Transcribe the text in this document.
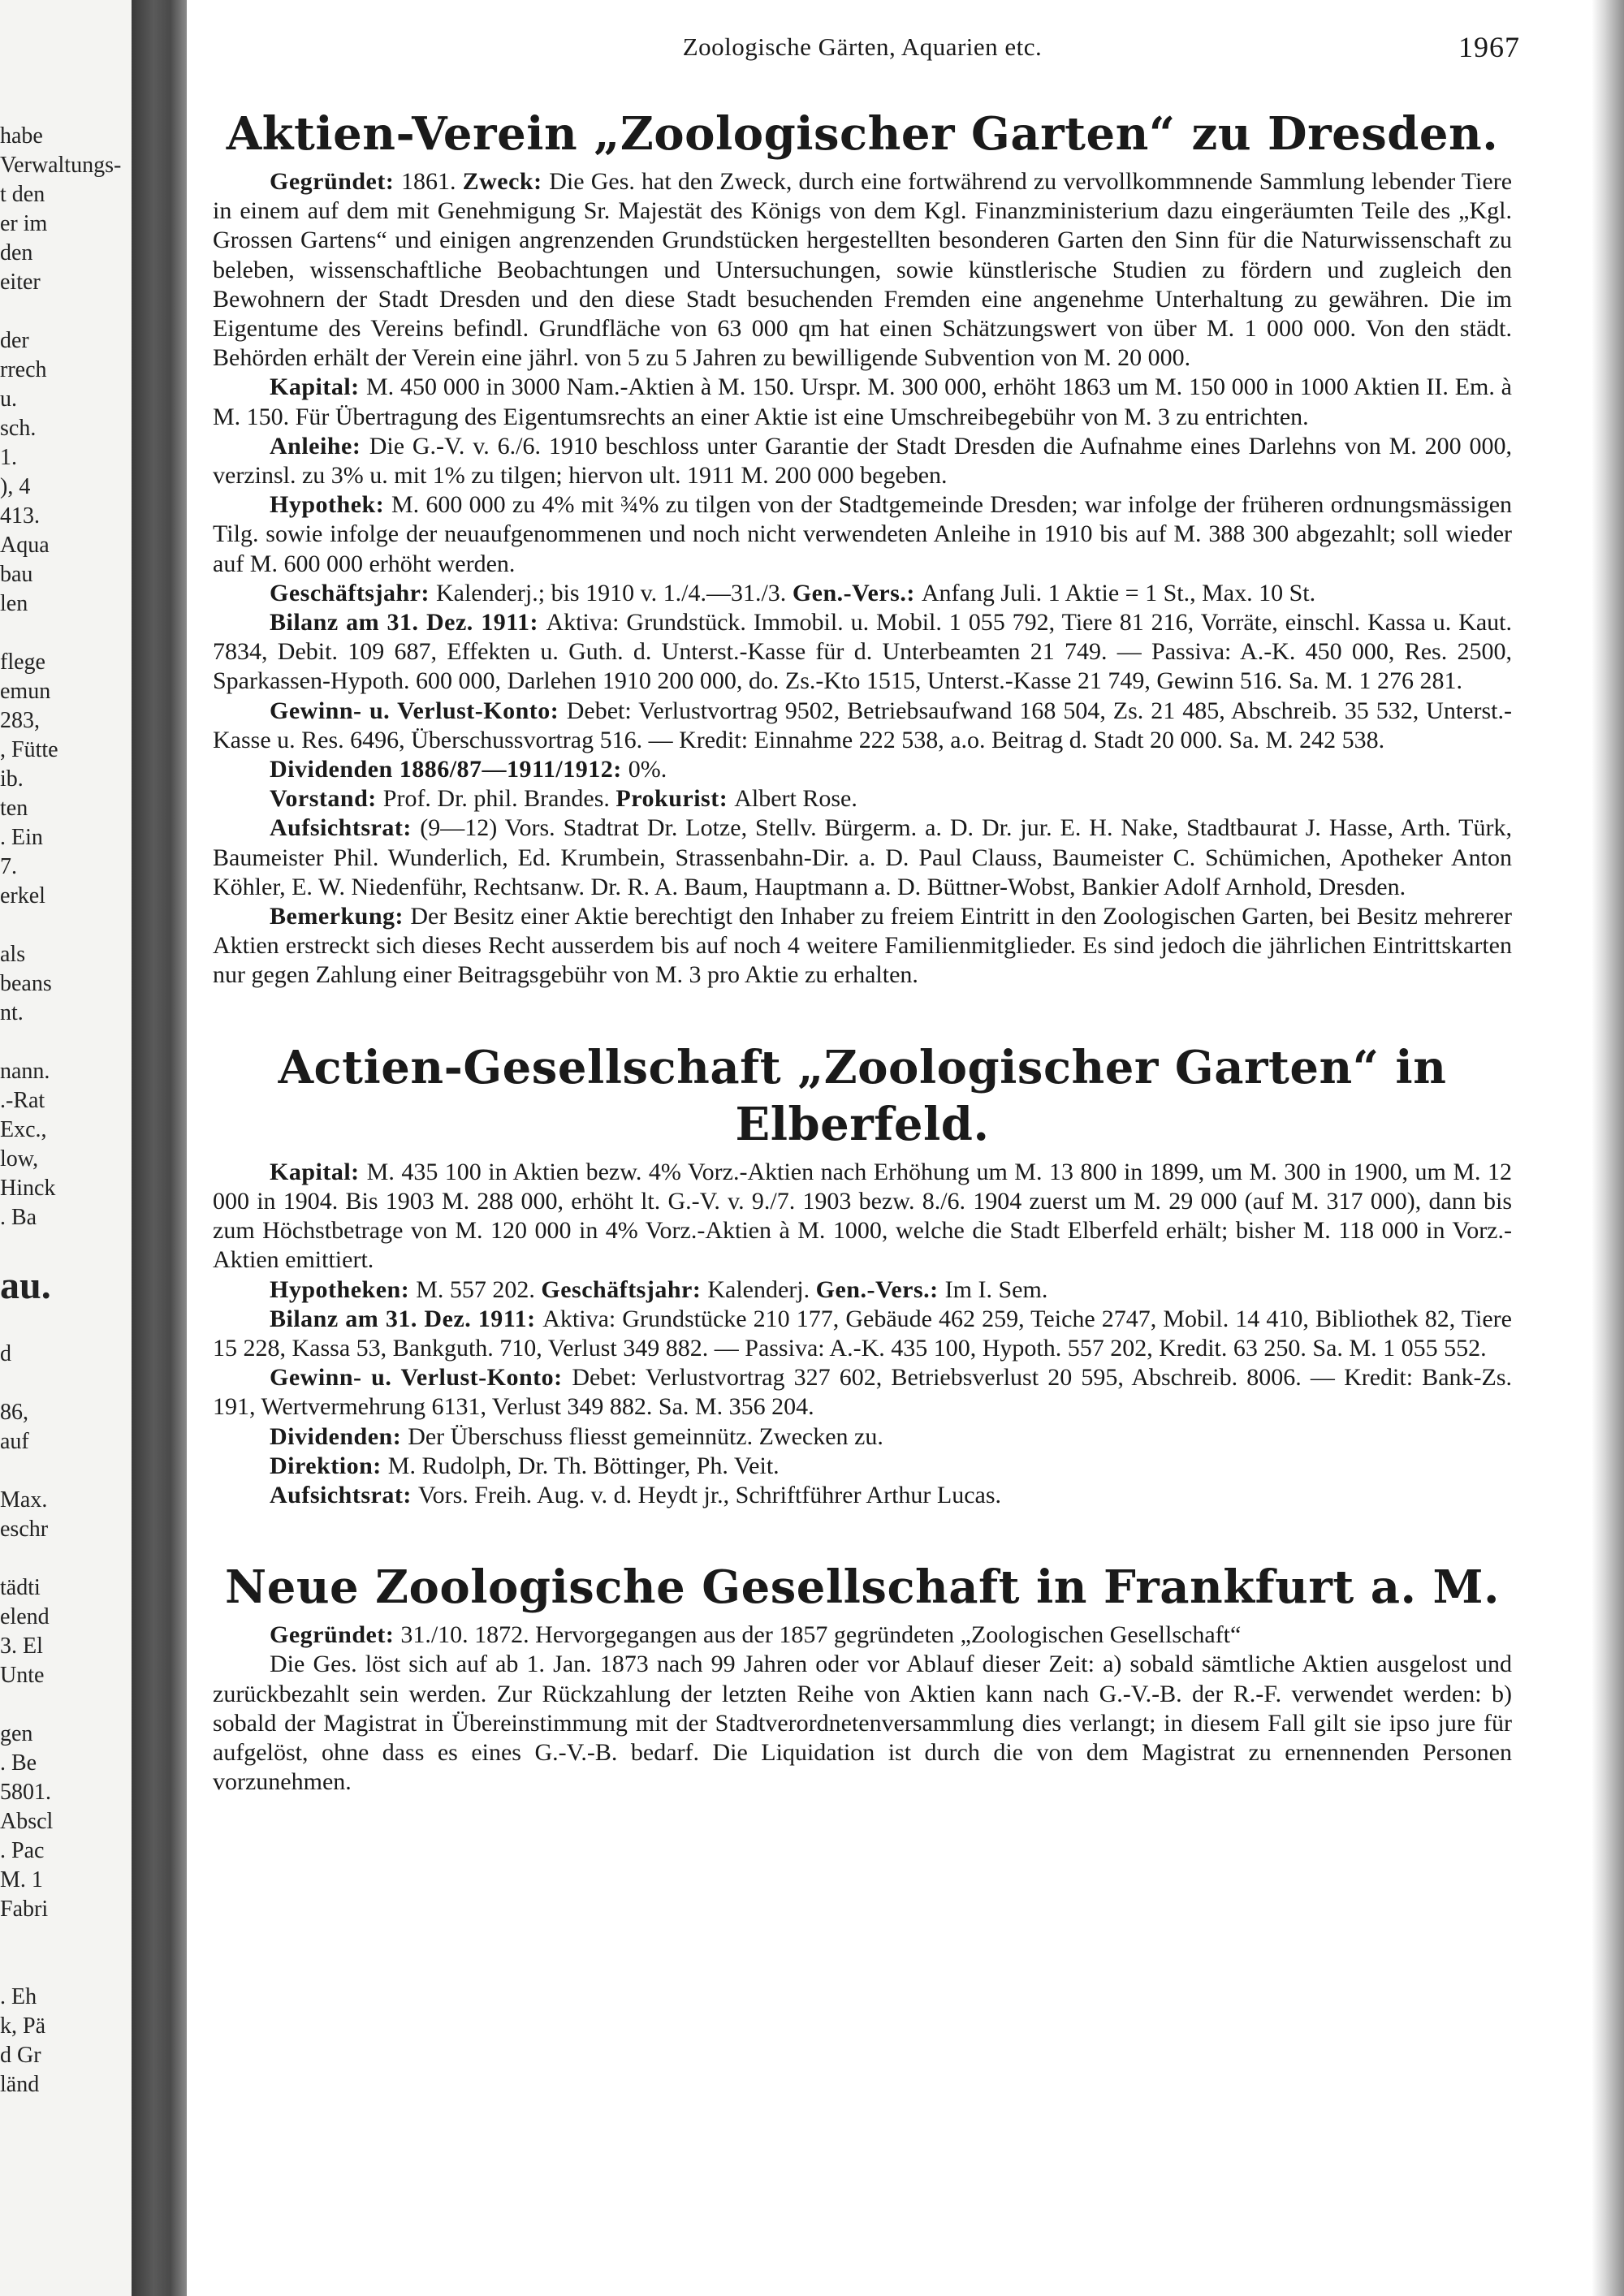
habe
Verwaltungs-
t den
er im
den
eiter
der
rrech
u.
sch.
1.
), 4
413.
Aqua
bau
len
flege
emun
283,
, Fütte
ib.
ten
. Ein
7.
erkel
als
beans
nt.
nann.
.-Rat
Exc.,
low,
Hinck
. Ba
au.
d
86,
auf
Max.
eschr
tädti
elend
3. El
Unte
gen
. Be
5801.
Abscl
. Pac
M. 1
Fabri
. Eh
k, Pä
d Gr
länd
Zoologische Gärten, Aquarien etc.	1967
Aktien-Verein „Zoologischer Garten“ zu Dresden.

Gegründet: 1861. Zweck: Die Ges. hat den Zweck, durch eine fortwährend zu vervollkommnende Sammlung lebender Tiere in einem auf dem mit Genehmigung Sr. Majestät des Königs von dem Kgl. Finanzministerium dazu eingeräumten Teile des „Kgl. Grossen Gartens“ und einigen angrenzenden Grundstücken hergestellten besonderen Garten den Sinn für die Naturwissenschaft zu beleben, wissenschaftliche Beobachtungen und Untersuchungen, sowie künstlerische Studien zu fördern und zugleich den Bewohnern der Stadt Dresden und den diese Stadt besuchenden Fremden eine angenehme Unterhaltung zu gewähren. Die im Eigentume des Vereins befindl. Grundfläche von 63 000 qm hat einen Schätzungswert von über M. 1 000 000. Von den städt. Behörden erhält der Verein eine jährl. von 5 zu 5 Jahren zu bewilligende Subvention von M. 20 000.

Kapital: M. 450 000 in 3000 Nam.-Aktien à M. 150. Urspr. M. 300 000, erhöht 1863 um M. 150 000 in 1000 Aktien II. Em. à M. 150. Für Übertragung des Eigentumsrechts an einer Aktie ist eine Umschreibegebühr von M. 3 zu entrichten.

Anleihe: Die G.-V. v. 6./6. 1910 beschloss unter Garantie der Stadt Dresden die Aufnahme eines Darlehns von M. 200 000, verzinsl. zu 3% u. mit 1% zu tilgen; hiervon ult. 1911 M. 200 000 begeben.

Hypothek: M. 600 000 zu 4% mit ¾% zu tilgen von der Stadtgemeinde Dresden; war infolge der früheren ordnungsmässigen Tilg. sowie infolge der neuaufgenommenen und noch nicht verwendeten Anleihe in 1910 bis auf M. 388 300 abgezahlt; soll wieder auf M. 600 000 erhöht werden.

Geschäftsjahr: Kalenderj.; bis 1910 v. 1./4.—31./3. Gen.-Vers.: Anfang Juli. 1 Aktie = 1 St., Max. 10 St.

Bilanz am 31. Dez. 1911: Aktiva: Grundstück. Immobil. u. Mobil. 1 055 792, Tiere 81 216, Vorräte, einschl. Kassa u. Kaut. 7834, Debit. 109 687, Effekten u. Guth. d. Unterst.-Kasse für d. Unterbeamten 21 749. — Passiva: A.-K. 450 000, Res. 2500, Sparkassen-Hypoth. 600 000, Darlehen 1910 200 000, do. Zs.-Kto 1515, Unterst.-Kasse 21 749, Gewinn 516. Sa. M. 1 276 281.

Gewinn- u. Verlust-Konto: Debet: Verlustvortrag 9502, Betriebsaufwand 168 504, Zs. 21 485, Abschreib. 35 532, Unterst.-Kasse u. Res. 6496, Überschussvortrag 516. — Kredit: Einnahme 222 538, a.o. Beitrag d. Stadt 20 000. Sa. M. 242 538.

Dividenden 1886/87—1911/1912: 0%.

Vorstand: Prof. Dr. phil. Brandes. Prokurist: Albert Rose.

Aufsichtsrat: (9—12) Vors. Stadtrat Dr. Lotze, Stellv. Bürgerm. a. D. Dr. jur. E. H. Nake, Stadtbaurat J. Hasse, Arth. Türk, Baumeister Phil. Wunderlich, Ed. Krumbein, Strassenbahn-Dir. a. D. Paul Clauss, Baumeister C. Schümichen, Apotheker Anton Köhler, E. W. Niedenführ, Rechtsanw. Dr. R. A. Baum, Hauptmann a. D. Büttner-Wobst, Bankier Adolf Arnhold, Dresden.

Bemerkung: Der Besitz einer Aktie berechtigt den Inhaber zu freiem Eintritt in den Zoologischen Garten, bei Besitz mehrerer Aktien erstreckt sich dieses Recht ausserdem bis auf noch 4 weitere Familienmitglieder. Es sind jedoch die jährlichen Eintrittskarten nur gegen Zahlung einer Beitragsgebühr von M. 3 pro Aktie zu erhalten.

Actien-Gesellschaft „Zoologischer Garten“ in Elberfeld.

Kapital: M. 435 100 in Aktien bezw. 4% Vorz.-Aktien nach Erhöhung um M. 13 800 in 1899, um M. 300 in 1900, um M. 12 000 in 1904. Bis 1903 M. 288 000, erhöht lt. G.-V. v. 9./7. 1903 bezw. 8./6. 1904 zuerst um M. 29 000 (auf M. 317 000), dann bis zum Höchstbetrage von M. 120 000 in 4% Vorz.-Aktien à M. 1000, welche die Stadt Elberfeld erhält; bisher M. 118 000 in Vorz.-Aktien emittiert.

Hypotheken: M. 557 202. Geschäftsjahr: Kalenderj. Gen.-Vers.: Im I. Sem.

Bilanz am 31. Dez. 1911: Aktiva: Grundstücke 210 177, Gebäude 462 259, Teiche 2747, Mobil. 14 410, Bibliothek 82, Tiere 15 228, Kassa 53, Bankguth. 710, Verlust 349 882. — Passiva: A.-K. 435 100, Hypoth. 557 202, Kredit. 63 250. Sa. M. 1 055 552.

Gewinn- u. Verlust-Konto: Debet: Verlustvortrag 327 602, Betriebsverlust 20 595, Abschreib. 8006. — Kredit: Bank-Zs. 191, Wertvermehrung 6131, Verlust 349 882. Sa. M. 356 204.

Dividenden: Der Überschuss fliesst gemeinnütz. Zwecken zu.

Direktion: M. Rudolph, Dr. Th. Böttinger, Ph. Veit.

Aufsichtsrat: Vors. Freih. Aug. v. d. Heydt jr., Schriftführer Arthur Lucas.

Neue Zoologische Gesellschaft in Frankfurt a. M.

Gegründet: 31./10. 1872. Hervorgegangen aus der 1857 gegründeten „Zoologischen Gesellschaft“

Die Ges. löst sich auf ab 1. Jan. 1873 nach 99 Jahren oder vor Ablauf dieser Zeit: a) sobald sämtliche Aktien ausgelost und zurückbezahlt sein werden. Zur Rückzahlung der letzten Reihe von Aktien kann nach G.-V.-B. der R.-F. verwendet werden: b) sobald der Magistrat in Übereinstimmung mit der Stadtverordnetenversammlung dies verlangt; in diesem Fall gilt sie ipso jure für aufgelöst, ohne dass es eines G.-V.-B. bedarf. Die Liquidation ist durch die von dem Magistrat zu ernennenden Personen vorzunehmen.
